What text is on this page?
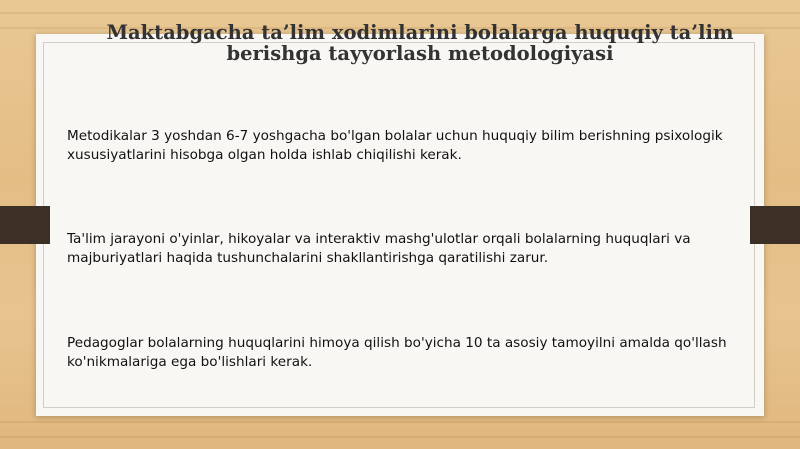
Maktabgacha ta’lim xodimlarini bolalarga huquqiy ta’lim berishga tayyorlash metodologiyasi

Metodikalar 3 yoshdan 6-7 yoshgacha bo'lgan bolalar uchun huquqiy bilim berishning psixologik xususiyatlarini hisobga olgan holda ishlab chiqilishi kerak.

Ta'lim jarayoni o'yinlar, hikoyalar va interaktiv mashg'ulotlar orqali bolalarning huquqlari va majburiyatlari haqida tushunchalarini shakllantirishga qaratilishi zarur.

Pedagoglar bolalarning huquqlarini himoya qilish bo'yicha 10 ta asosiy tamoyilni amalda qo'llash ko'nikmalariga ega bo'lishlari kerak.
